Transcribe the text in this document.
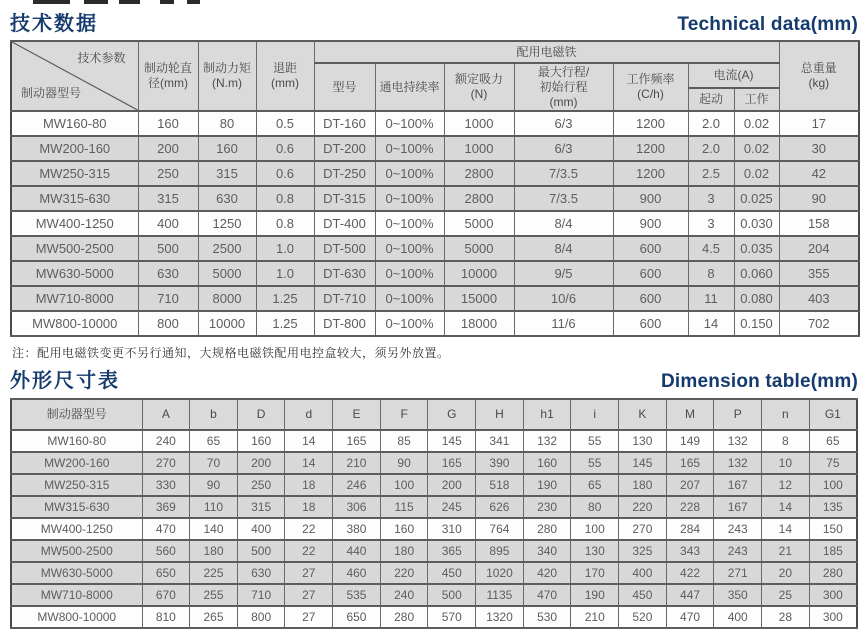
技术数据	Technical data(mm)
技术参数
制动器型号	制动轮直径(mm)	制动力矩(N.m)	退距(mm)	配用电磁铁							总重量(kg)
				型号	通电持续率	额定吸力(N)	最大行程/初始行程(mm)	工作频率(C/h)	电流(A)		
									起动	工作	
MW160-80	160	80	0.5	DT-160	0~100%	1000	6/3	1200	2.0	0.02	17
MW200-160	200	160	0.6	DT-200	0~100%	1000	6/3	1200	2.0	0.02	30
MW250-315	250	315	0.6	DT-250	0~100%	2800	7/3.5	1200	2.5	0.02	42
MW315-630	315	630	0.8	DT-315	0~100%	2800	7/3.5	900	3	0.025	90
MW400-1250	400	1250	0.8	DT-400	0~100%	5000	8/4	900	3	0.030	158
MW500-2500	500	2500	1.0	DT-500	0~100%	5000	8/4	600	4.5	0.035	204
MW630-5000	630	5000	1.0	DT-630	0~100%	10000	9/5	600	8	0.060	355
MW710-8000	710	8000	1.25	DT-710	0~100%	15000	10/6	600	11	0.080	403
MW800-10000	800	10000	1.25	DT-800	0~100%	18000	11/6	600	14	0.150	702
注：配用电磁铁变更不另行通知，大规格电磁铁配用电控盒较大，须另外放置。
外形尺寸表	Dimension table(mm)
制动器型号	A	b	D	d	E	F	G	H	h1	i	K	M	P	n	G1
MW160-80	240	65	160	14	165	85	145	341	132	55	130	149	132	8	65
MW200-160	270	70	200	14	210	90	165	390	160	55	145	165	132	10	75
MW250-315	330	90	250	18	246	100	200	518	190	65	180	207	167	12	100
MW315-630	369	110	315	18	306	115	245	626	230	80	220	228	167	14	135
MW400-1250	470	140	400	22	380	160	310	764	280	100	270	284	243	14	150
MW500-2500	560	180	500	22	440	180	365	895	340	130	325	343	243	21	185
MW630-5000	650	225	630	27	460	220	450	1020	420	170	400	422	271	20	280
MW710-8000	670	255	710	27	535	240	500	1135	470	190	450	447	350	25	300
MW800-10000	810	265	800	27	650	280	570	1320	530	210	520	470	400	28	300
